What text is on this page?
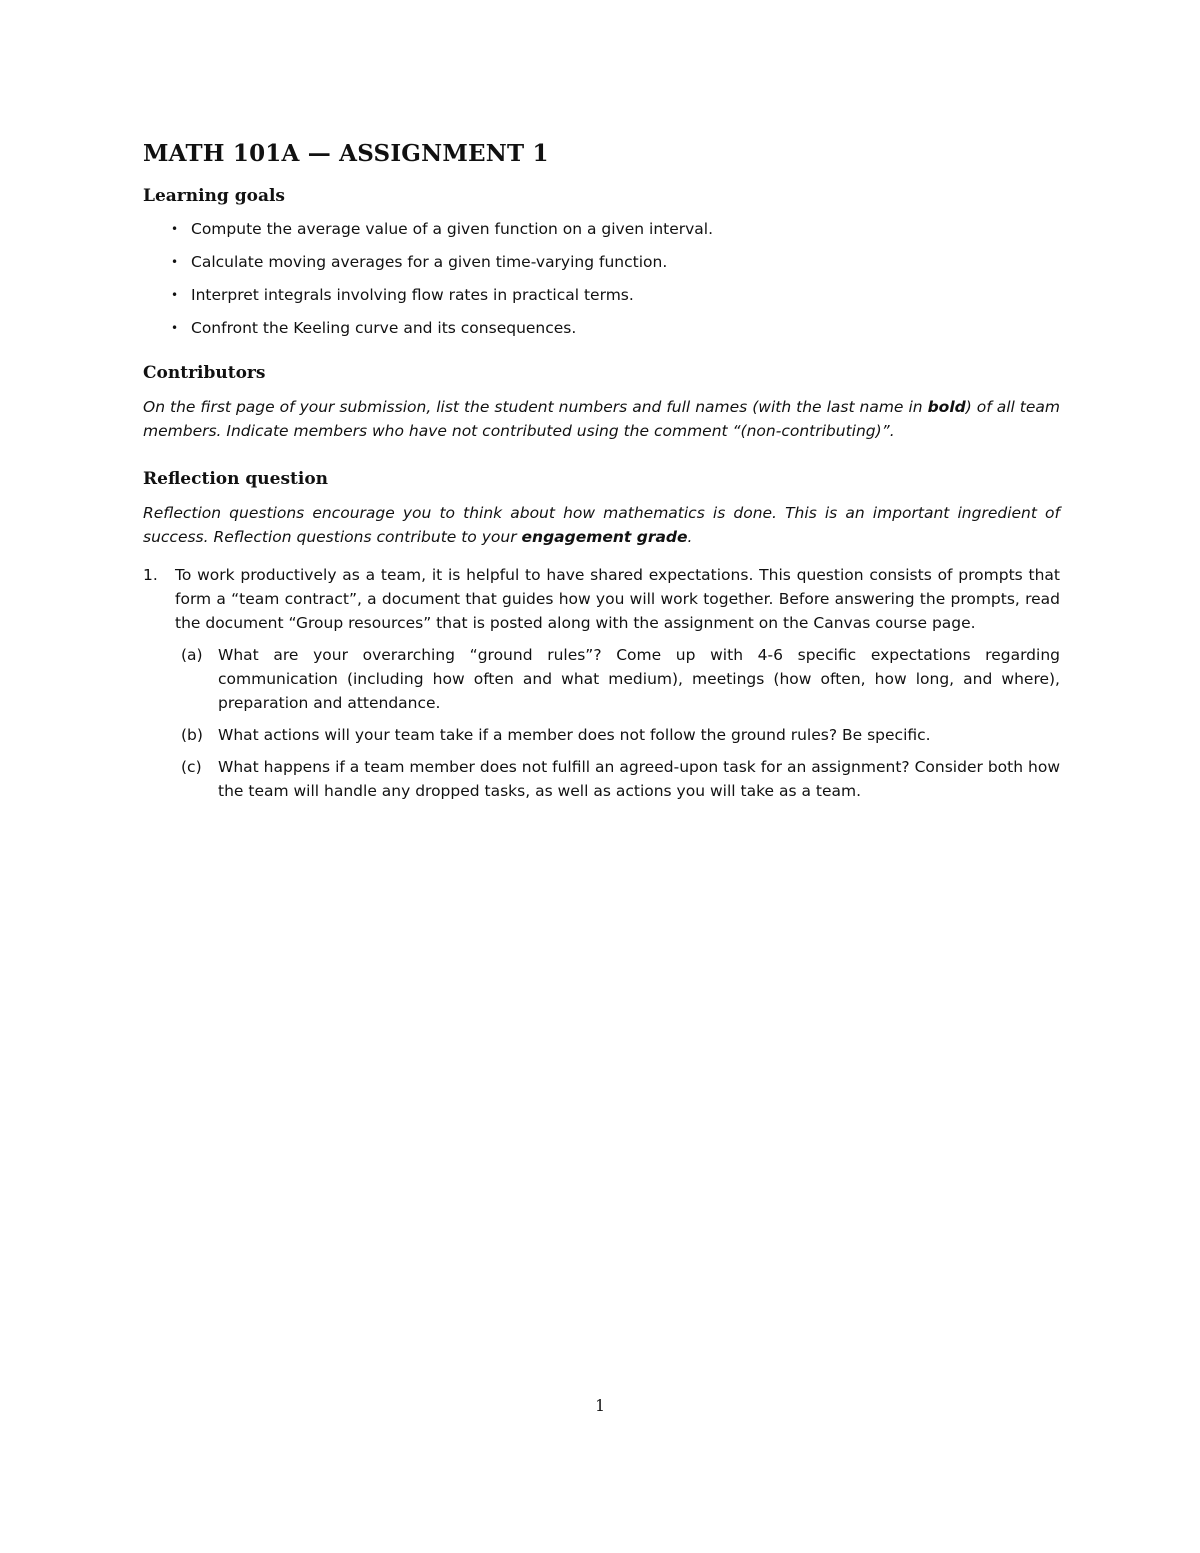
MATH 101A — ASSIGNMENT 1
Learning goals
• Compute the average value of a given function on a given interval.
• Calculate moving averages for a given time-varying function.
• Interpret integrals involving flow rates in practical terms.
• Confront the Keeling curve and its consequences.
Contributors

On the first page of your submission, list the student numbers and full names (with the last name in bold) of all team members. Indicate members who have not contributed using the comment “(non-contributing)”.

Reflection question

Reflection questions encourage you to think about how mathematics is done. This is an important ingredient of success. Reflection questions contribute to your engagement grade.

1. To work productively as a team, it is helpful to have shared expectations. This question consists of prompts that form a “team contract”, a document that guides how you will work together. Before answering the prompts, read the document “Group resources” that is posted along with the assignment on the Canvas course page.
(a) What are your overarching “ground rules”? Come up with 4-6 specific expectations regarding communication (including how often and what medium), meetings (how often, how long, and where), preparation and attendance.
(b) What actions will your team take if a member does not follow the ground rules? Be specific.
(c) What happens if a team member does not fulfill an agreed-upon task for an assignment? Consider both how the team will handle any dropped tasks, as well as actions you will take as a team.
1
